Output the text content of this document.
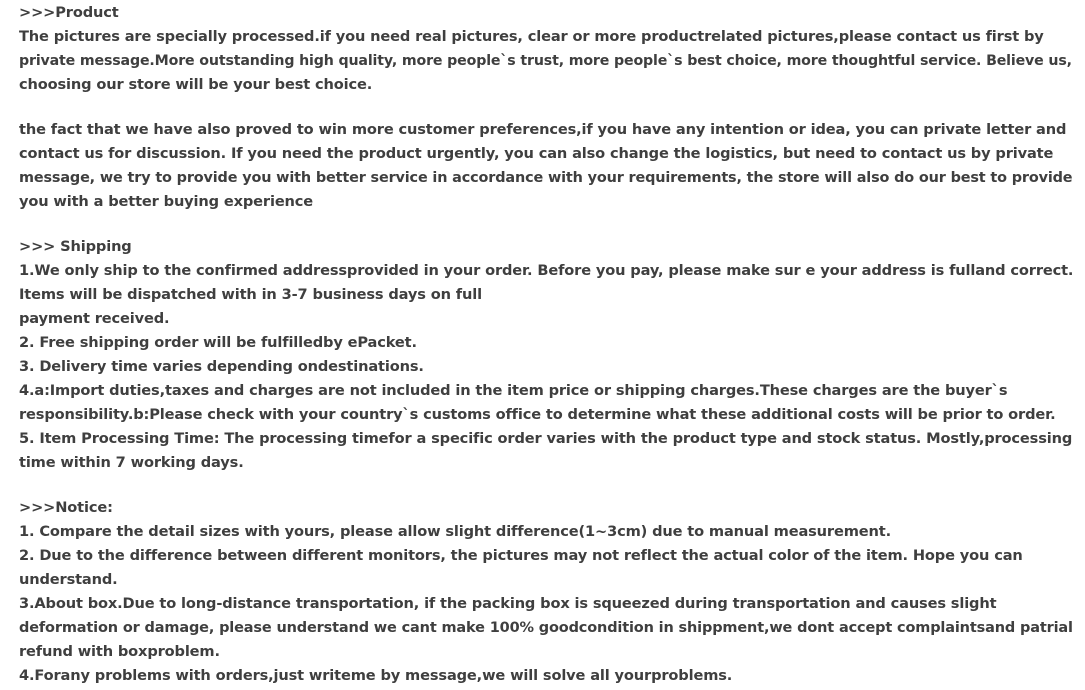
>>>Product
The pictures are specially processed.if you need real pictures, clear or more productrelated pictures,please contact us first by
private message.More outstanding high quality, more people`s trust, more people`s best choice, more thoughtful service. Believe us,
choosing our store will be your best choice.
the fact that we have also proved to win more customer preferences,if you have any intention or idea, you can private letter and
contact us for discussion. If you need the product urgently, you can also change the logistics, but need to contact us by private
message, we try to provide you with better service in accordance with your requirements, the store will also do our best to provide
you with a better buying experience
>>> Shipping
1.We only ship to the confirmed addressprovided in your order. Before you pay, please make sur e your address is fulland correct.
Items will be dispatched with in 3-7 business days on full
payment received.
2. Free shipping order will be fulfilledby ePacket.
3. Delivery time varies depending ondestinations.
4.a:Import duties,taxes and charges are not included in the item price or shipping charges.These charges are the buyer`s
responsibility.b:Please check with your country`s customs office to determine what these additional costs will be prior to order.
5. Item Processing Time: The processing timefor a specific order varies with the product type and stock status. Mostly,processing
time within 7 working days.
>>>Notice:
1. Compare the detail sizes with yours, please allow slight difference(1~3cm) due to manual measurement.
2. Due to the difference between different monitors, the pictures may not reflect the actual color of the item. Hope you can
understand.
3.About box.Due to long-distance transportation, if the packing box is squeezed during transportation and causes slight
deformation or damage, please understand we cant make 100% goodcondition in shippment,we dont accept complaintsand patrial
refund with boxproblem.
4.Forany problems with orders,just writeme by message,we will solve all yourproblems.
